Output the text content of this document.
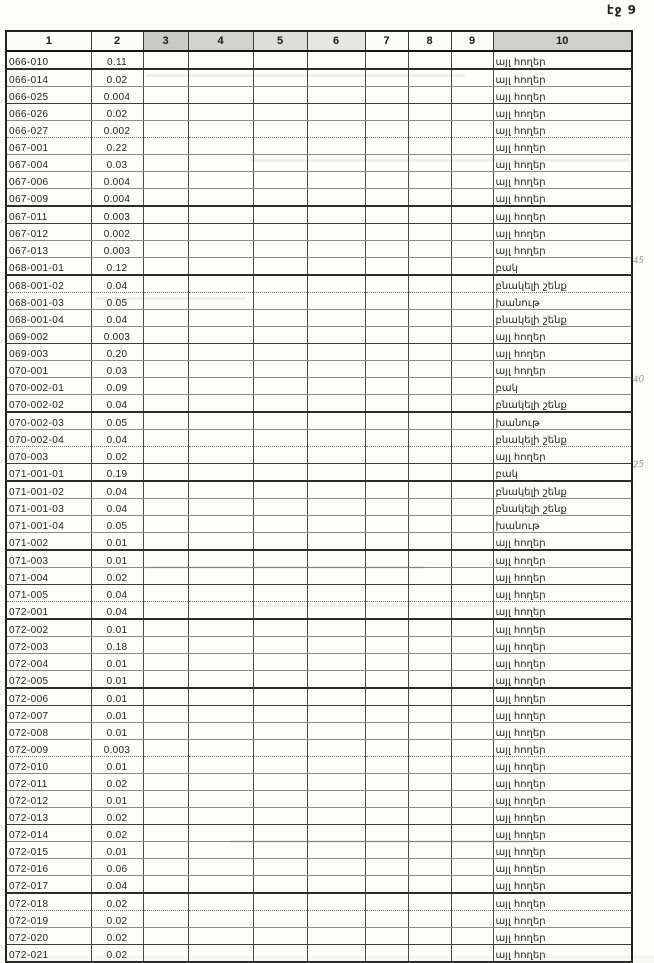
էջ 9
1	2	3	4	5	6	7	8	9	10
066-010	0.11								այլ հողեր
066-014	0.02								այլ հողեր
066-025	0.004								այլ հողեր
066-026	0.02								այլ հողեր
066-027	0.002								այլ հողեր
067-001	0.22								այլ հողեր
067-004	0.03								այլ հողեր
067-006	0.004								այլ հողեր
067-009	0.004								այլ հողեր
067-011	0.003								այլ հողեր
067-012	0.002								այլ հողեր
067-013	0.003								այլ հողեր
068-001-01	0.12								բակ
068-001-02	0.04								բնակելի շենք
068-001-03	0.05								խանութ
068-001-04	0.04								բնակելի շենք
069-002	0.003								այլ հողեր
069-003	0.20								այլ հողեր
070-001	0.03								այլ հողեր
070-002-01	0.09								բակ
070-002-02	0.04								բնակելի շենք
070-002-03	0.05								խանութ
070-002-04	0.04								բնակելի շենք
070-003	0.02								այլ հողեր
071-001-01	0.19								բակ
071-001-02	0.04								բնակելի շենք
071-001-03	0.04								բնակելի շենք
071-001-04	0.05								խանութ
071-002	0.01								այլ հողեր
071-003	0.01								այլ հողեր
071-004	0.02								այլ հողեր
071-005	0.04								այլ հողեր
072-001	0.04								այլ հողեր
072-002	0.01								այլ հողեր
072-003	0.18								այլ հողեր
072-004	0.01								այլ հողեր
072-005	0.01								այլ հողեր
072-006	0.01								այլ հողեր
072-007	0.01								այլ հողեր
072-008	0.01								այլ հողեր
072-009	0.003								այլ հողեր
072-010	0.01								այլ հողեր
072-011	0.02								այլ հողեր
072-012	0.01								այլ հողեր
072-013	0.02								այլ հողեր
072-014	0.02								այլ հողեր
072-015	0.01								այլ հողեր
072-016	0.06								այլ հողեր
072-017	0.04								այլ հողեր
072-018	0.02								այլ հողեր
072-019	0.02								այլ հողեր
072-020	0.02								այլ հողեր
072-021	0.02								այլ հողեր
45
40
25
